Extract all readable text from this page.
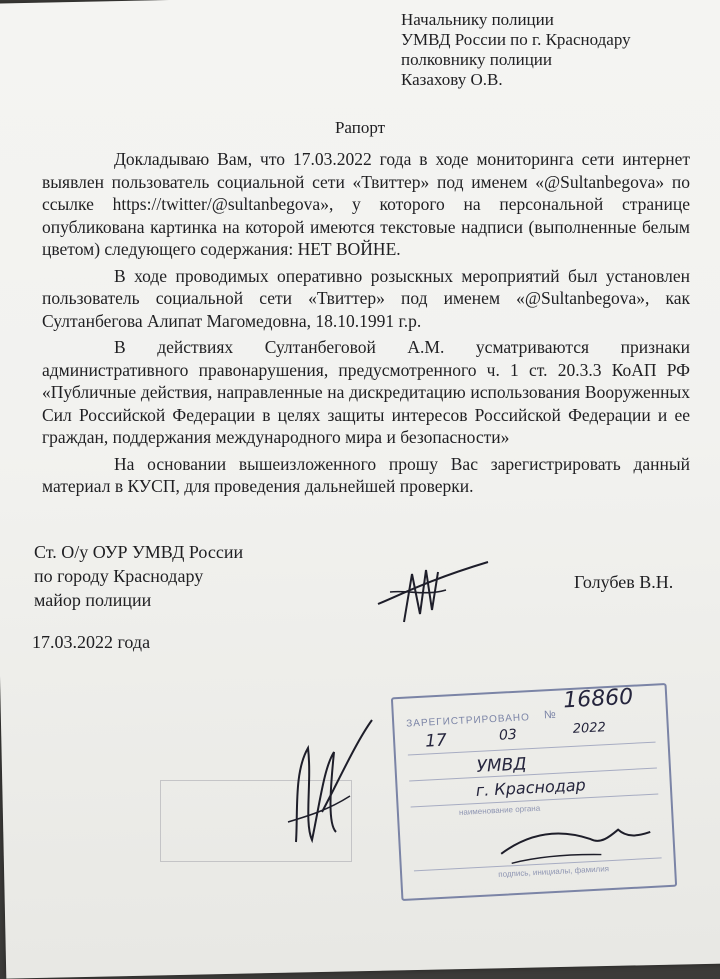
Начальнику полиции
УМВД России по г. Краснодару
полковнику полиции
Казахову О.В.
Рапорт

Докладываю Вам, что 17.03.2022 года в ходе мониторинга сети интернет выявлен пользователь социальной сети «Твиттер» под именем «@Sultanbegova» по ссылке https://twitter/@sultanbegova», у которого на персональной странице опубликована картинка на которой имеются текстовые надписи (выполненные белым цветом) следующего содержания: НЕТ ВОЙНЕ.

В ходе проводимых оперативно розыскных мероприятий был установлен пользователь социальной сети «Твиттер» под именем «@Sultanbegova», как Султанбегова Алипат Магомедовна, 18.10.1991 г.р.

В действиях Султанбеговой А.М. усматриваются признаки административного правонарушения, предусмотренного ч. 1 ст. 20.3.3 КоАП РФ «Публичные действия, направленные на дискредитацию использования Вооруженных Сил Российской Федерации в целях защиты интересов Российской Федерации и ее граждан, поддержания международного мира и безопасности»

На основании вышеизложенного прошу Вас зарегистрировать данный материал в КУСП, для проведения дальнейшей проверки.

Ст. О/у ОУР УМВД России
по городу Краснодару
майор полиции
Голубев В.Н.
17.03.2022 года
ЗАРЕГИСТРИРОВАНО №
16860
17	03	2022
УМВД
г. Краснодар
наименование органа
подпись, инициалы, фамилия
